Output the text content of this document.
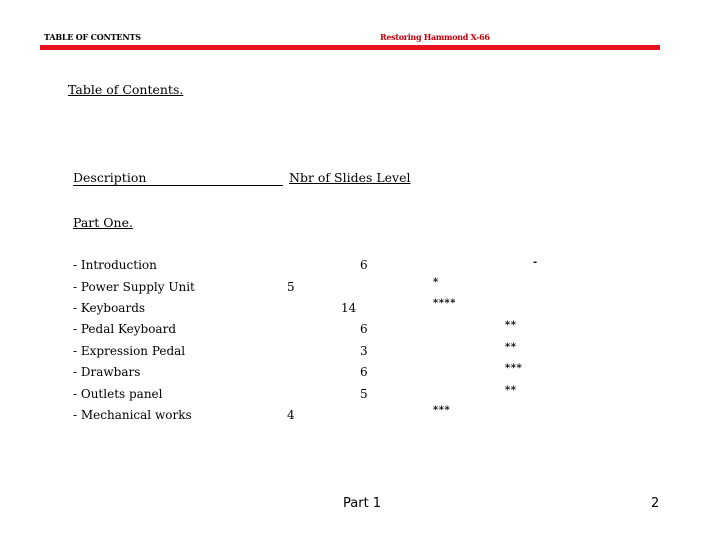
TABLE OF CONTENTS	Restoring Hammond X-66
Table of Contents.
Description	Nbr of Slides Level
Part One.
- Introduction	6	-
- Power Supply Unit	5	*
- Keyboards	14	****
- Pedal Keyboard	6	**
- Expression Pedal	3	**
- Drawbars	6	***
- Outlets panel	5	**
- Mechanical works	4	***
Part 1	2
